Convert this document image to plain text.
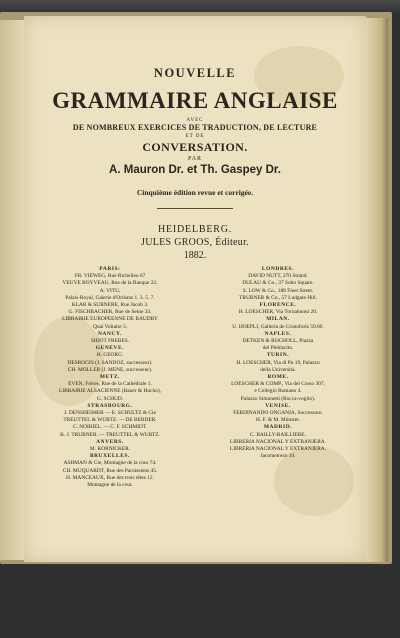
NOUVELLE
GRAMMAIRE ANGLAISE
AVEC
DE NOMBREUX EXERCICES DE TRADUCTION, DE LECTURE
ET DE
CONVERSATION.
PAR
A. Mauron Dr. et Th. Gaspey Dr.
Cinquième édition revue et corrigée.
HEIDELBERG.
JULES GROOS, Éditeur.
1882.
PARIS:
FR. VIEWEG, Rue Richelieu 67
VEUVE BOYVEAU, Rue de la Banque 22,
A. VITU,
Palais-Royal, Galerie d'Orléans 1. 3. 5. 7.
KLAR & SURNERE, Rue Jacob 3.
G. FISCHBACHER, Rue de Seine 33.
LIBRAIRIE EUROPÉENNE DE BAUDRY
Quai Voltaire 3.
NANCY.
SIDOT FRÈRES.
GENÈVE.
H. GEORG.
DESROGIS (J. SANDOZ, successeur).
CH. MOLLER (J. MENE, successeur).
METZ.
EVEN, Frères, Rue de la Cathédrale 1.
LIBRAIRIE ALSACIENNE (Bauer & Hucho),
G. SCHÜD.
STRASBOURG.
J. DENSHEIMER — E. SCHULTZ & Cie
TREUTTEL & WÜRTZ. — DE BERDER.
C. NOIRIEL. — C. F. SCHMIDT.
K. J. TRÜBNER. — TREUTTEL & WÜRTZ.
ANVERS.
M. KORNICKER.
BRUXELLES.
ASHMAN & Cie, Montagne de la cour 74.
CH. MUQUARDT, Rue des Paroissiens 45.
H. MANCEAUX, Rue des trois têtes 12.
Montagne de la cour.
LONDRES.
DAVID NUTT, 270 Strand.
DULAU & Co., 37 Soho Square.
S. LOW & Co., 188 Fleet Street.
TRÜBNER & Co., 57 Ludgate Hill.
FLORENCE.
H. LOESCHER, Via Tornabuoni 20.
MILAN.
U. HOEPLI, Galleria de Cristoforis 59.60.
NAPLES.
DETKEN & ROCHOLL, Piazza
del Plebiscito.
TURIN.
H. LOESCHER, Via di Po 19, Palazzo
della Università.
ROME.
LOESCHER & COMP., Via del Corso 307,
e Collegio Romano 4.
Palazzo Simonetti (Bocca-voglio).
VENISE.
FERDINANDO ONGANIA, Successore.
H. F. & M. Münster.
MADRID.
C. BAILLY-BAILLIÈRE.
LIBRERIA NACIONAL Y EXTRANJERA.
LIBRERIA NACIONAL Y EXTRANJERA.
Jacometrezo 10.
